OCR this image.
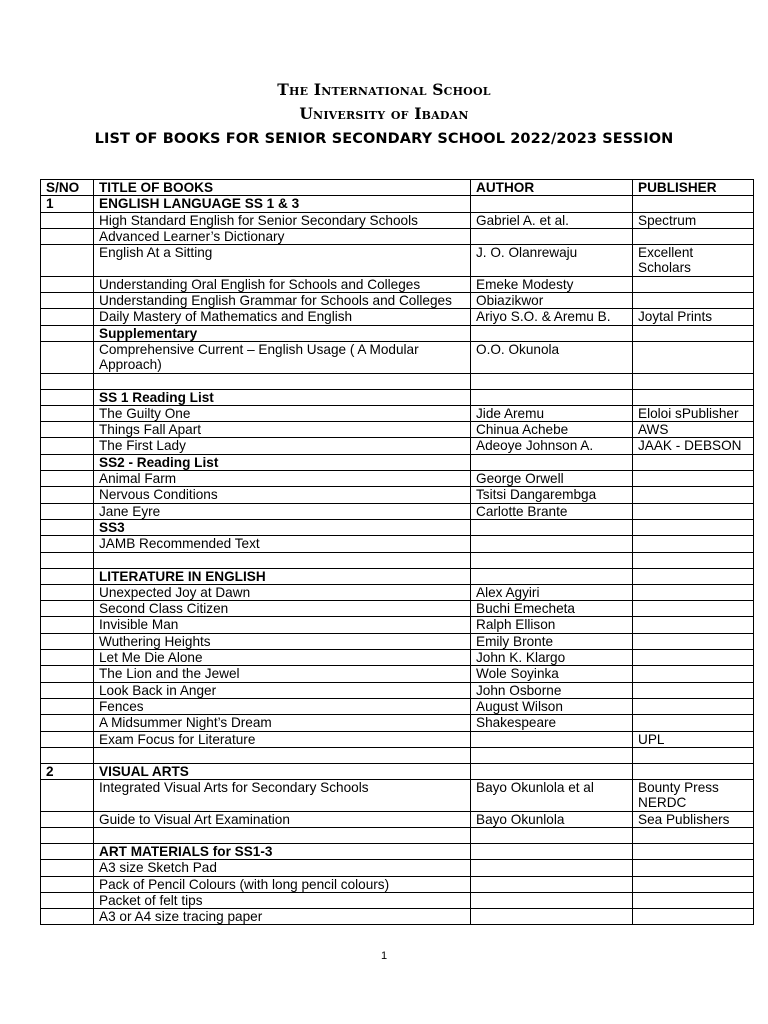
The International School
University of Ibadan
LIST OF BOOKS FOR SENIOR SECONDARY SCHOOL 2022/2023 SESSION
S/NO	TITLE OF BOOKS	AUTHOR	PUBLISHER
1	ENGLISH LANGUAGE SS 1 & 3		
	High Standard English for Senior Secondary Schools	Gabriel A. et al.	Spectrum
	Advanced Learner’s Dictionary		
	English At a Sitting	J. O. Olanrewaju	Excellent Scholars
	Understanding Oral English for Schools and Colleges	Emeke Modesty	
	Understanding English Grammar for Schools and Colleges	Obiazikwor	
	Daily Mastery of Mathematics and English	Ariyo S.O. & Aremu B.	Joytal Prints
	Supplementary		
	Comprehensive Current – English Usage ( A Modular Approach)	O.O. Okunola	

	SS 1 Reading List		
	The Guilty One	Jide Aremu	Eloloi sPublisher
	Things Fall Apart	Chinua Achebe	AWS
	The First Lady	Adeoye Johnson A.	JAAK - DEBSON
	SS2 - Reading List		
	Animal Farm	George Orwell	
	Nervous Conditions	Tsitsi Dangarembga	
	Jane Eyre	Carlotte Brante	
	SS3		
	JAMB Recommended Text		

	LITERATURE IN ENGLISH		
	Unexpected Joy at Dawn	Alex Agyiri	
	Second Class Citizen	Buchi Emecheta	
	Invisible Man	Ralph Ellison	
	Wuthering Heights	Emily Bronte	
	Let Me Die Alone	John K. Klargo	
	The Lion and the Jewel	Wole Soyinka	
	Look Back in Anger	John Osborne	
	Fences	August Wilson	
	A Midsummer Night’s Dream	Shakespeare	
	Exam Focus for Literature		UPL

2	VISUAL ARTS		
	Integrated Visual Arts for Secondary Schools	Bayo Okunlola et al	Bounty Press NERDC
	Guide to Visual Art Examination	Bayo Okunlola	Sea Publishers

	ART MATERIALS for SS1-3		
	A3 size Sketch Pad		
	Pack of Pencil Colours (with long pencil colours)		
	Packet of felt tips		
	A3 or A4 size tracing paper		
1
